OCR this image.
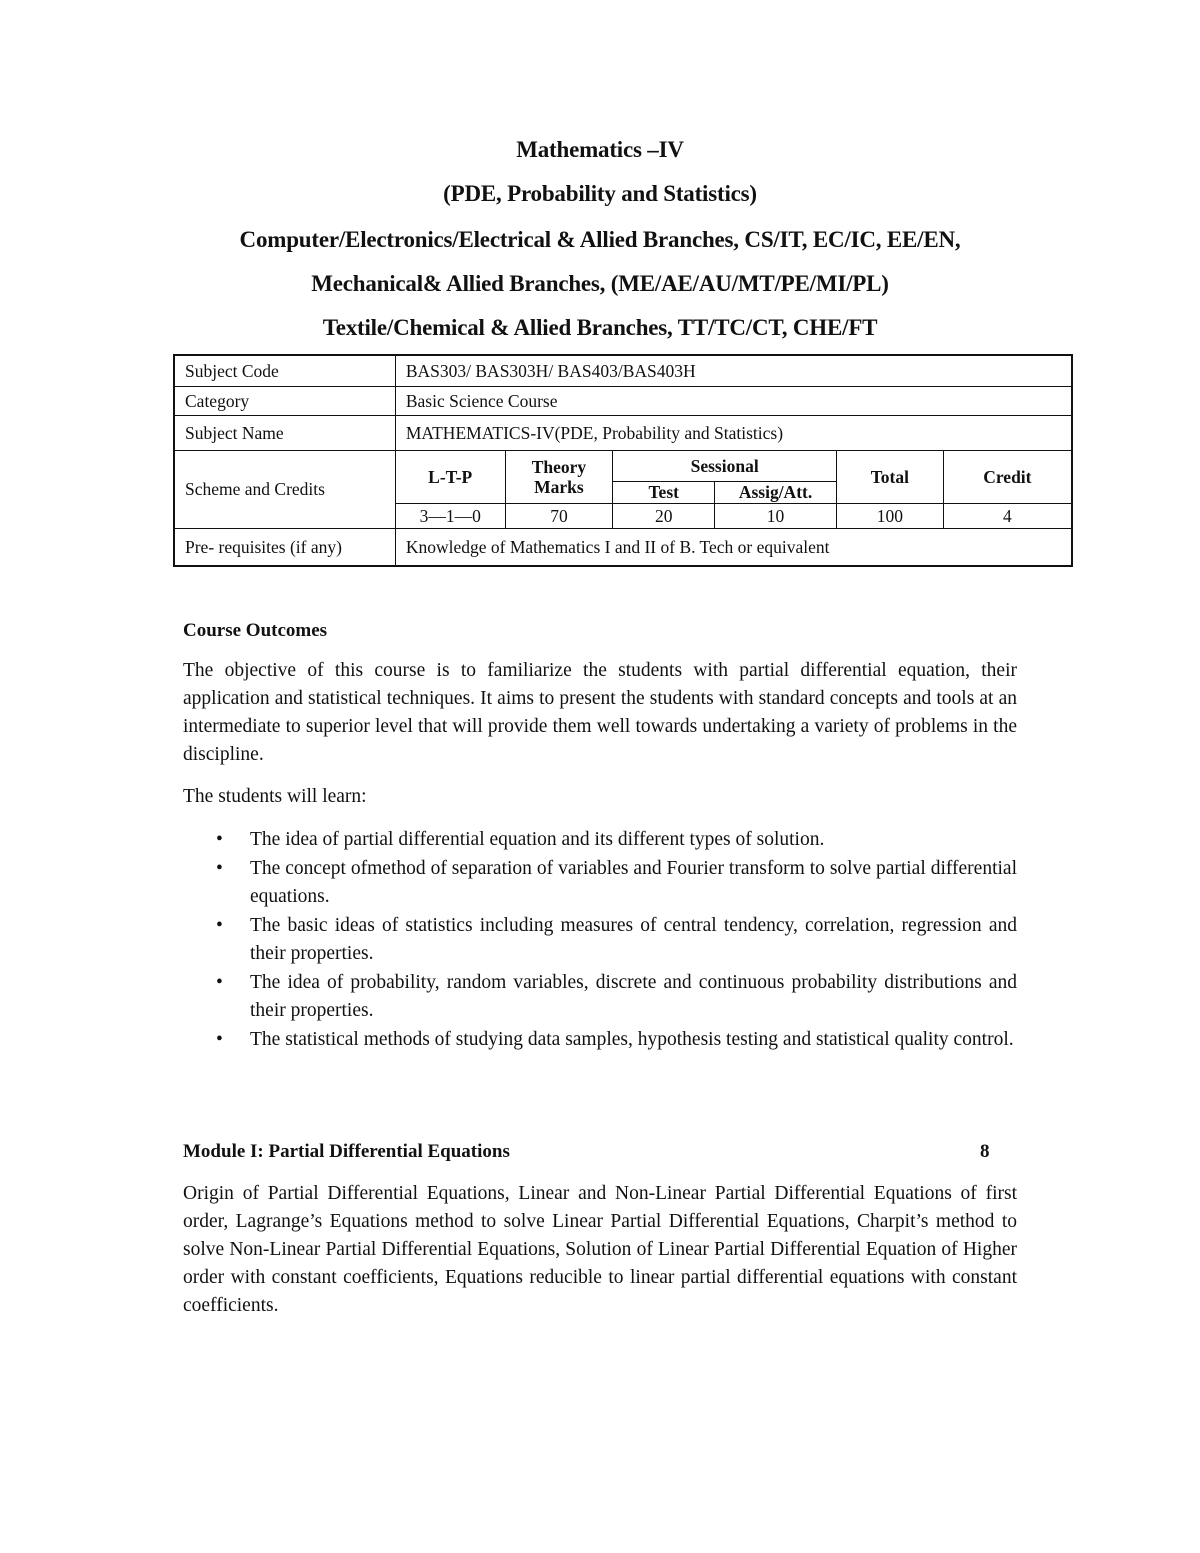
Mathematics –IV
(PDE, Probability and Statistics)
Computer/Electronics/Electrical & Allied Branches, CS/IT, EC/IC, EE/EN,
Mechanical& Allied Branches, (ME/AE/AU/MT/PE/MI/PL)
Textile/Chemical & Allied Branches, TT/TC/CT, CHE/FT
Subject Code	BAS303/ BAS303H/ BAS403/BAS403H					
Category	Basic Science Course					
Subject Name	MATHEMATICS-IV(PDE, Probability and Statistics)					
Scheme and Credits	L-T-P	Theory Marks	Sessional		Total	Credit
			Test	Assig/Att.		
	3—1—0	70	20	10	100	4
Pre- requisites (if any)	Knowledge of Mathematics I and II of B. Tech or equivalent					
Course Outcomes

The objective of this course is to familiarize the students with partial differential equation, their application and statistical techniques. It aims to present the students with standard concepts and tools at an intermediate to superior level that will provide them well towards undertaking a variety of problems in the discipline.

The students will learn:

• The idea of partial differential equation and its different types of solution.
• The concept ofmethod of separation of variables and Fourier transform to solve partial differential equations.
• The basic ideas of statistics including measures of central tendency, correlation, regression and their properties.
• The idea of probability, random variables, discrete and continuous probability distributions and their properties.
• The statistical methods of studying data samples, hypothesis testing and statistical quality control.
Module I: Partial Differential Equations	8

Origin of Partial Differential Equations, Linear and Non-Linear Partial Differential Equations of first order, Lagrange’s Equations method to solve Linear Partial Differential Equations, Charpit’s method to solve Non-Linear Partial Differential Equations, Solution of Linear Partial Differential Equation of Higher order with constant coefficients, Equations reducible to linear partial differential equations with constant coefficients.
